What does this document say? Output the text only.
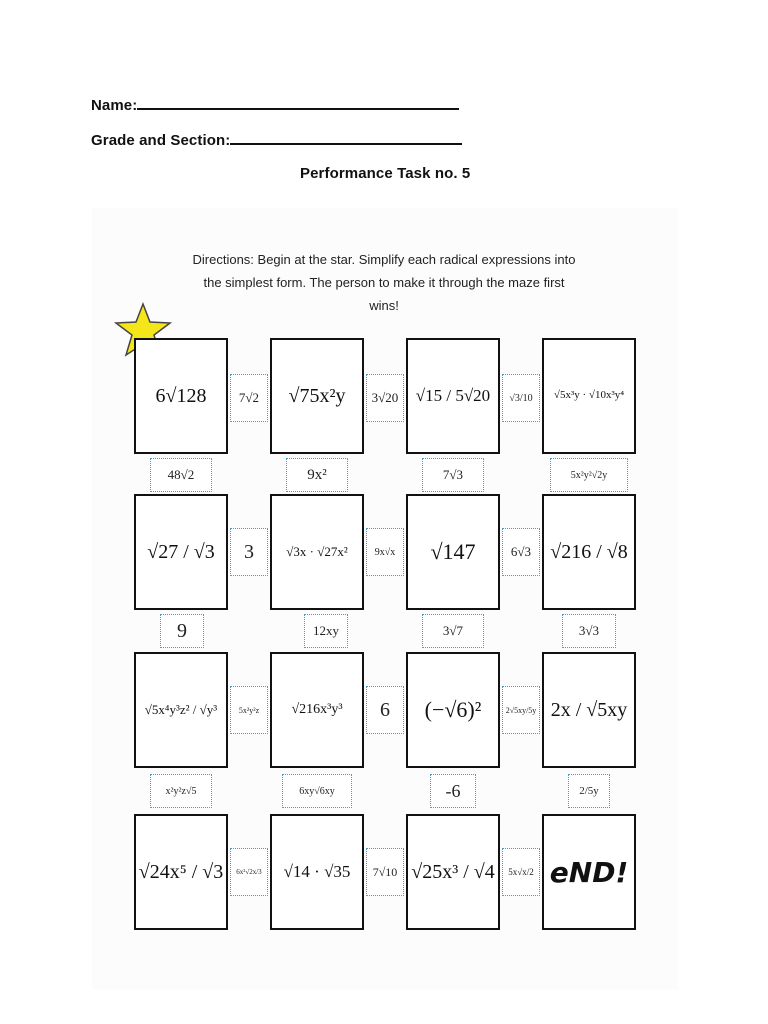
Name:
Grade and Section:
Performance Task no. 5
Directions: Begin at the star. Simplify each radical expressions into
the simplest form. The person to make it through the maze first
wins!
6√128	√75x²y	√15 / 5√20	√5x³y · √10x³y⁴
√27 / √3	√3x · √27x²	√147	√216 / √8
√5x⁴y³z² / √y³	√216x³y³	(−√6)²	2x / √5xy
√24x⁵ / √3	√14 · √35	√25x³ / √4 eND!
7√2	3√20	√3/10
3	9x√x	6√3
5x²y²z	6	2√5xy/5y
6x²√2x/3	7√10	5x√x/2
48√2	9x²	7√3	5x²y²√2y
9	12xy	3√7	3√3
x²y²z√5	6xy√6xy	-6	2/5y
